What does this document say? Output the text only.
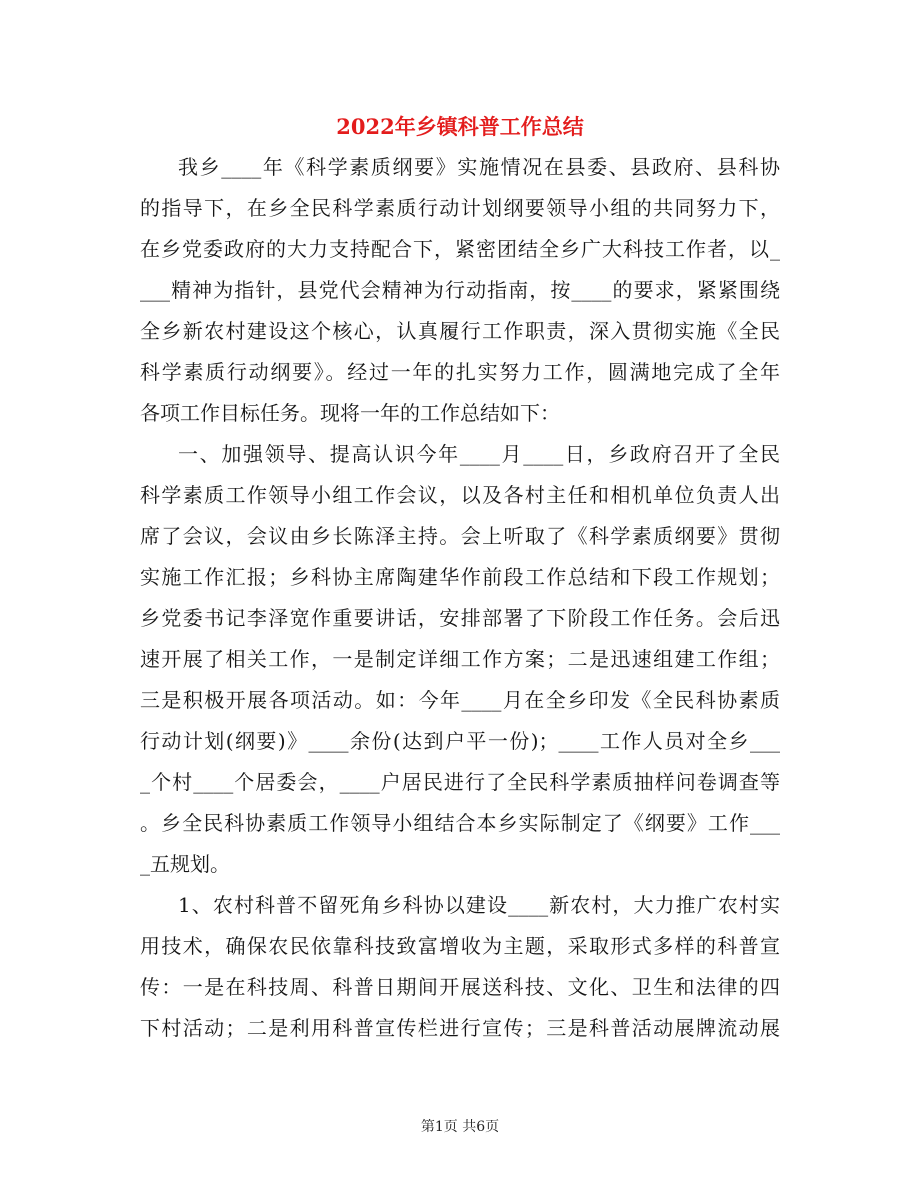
2022年乡镇科普工作总结
我乡____年《科学素质纲要》实施情况在县委、县政府、县科协
的指导下，在乡全民科学素质行动计划纲要领导小组的共同努力下，
在乡党委政府的大力支持配合下，紧密团结全乡广大科技工作者，以_
___精神为指针，县党代会精神为行动指南，按____的要求，紧紧围绕
全乡新农村建设这个核心，认真履行工作职责，深入贯彻实施《全民
科学素质行动纲要》。经过一年的扎实努力工作，圆满地完成了全年
各项工作目标任务。现将一年的工作总结如下：
一、加强领导、提高认识今年____月____日，乡政府召开了全民
科学素质工作领导小组工作会议，以及各村主任和相机单位负责人出
席了会议，会议由乡长陈泽主持。会上听取了《科学素质纲要》贯彻
实施工作汇报；乡科协主席陶建华作前段工作总结和下段工作规划；
乡党委书记李泽宽作重要讲话，安排部署了下阶段工作任务。会后迅
速开展了相关工作，一是制定详细工作方案；二是迅速组建工作组；
三是积极开展各项活动。如：今年____月在全乡印发《全民科协素质
行动计划(纲要)》____余份(达到户平一份)；____工作人员对全乡___
_个村____个居委会，____户居民进行了全民科学素质抽样问卷调查等
。乡全民科协素质工作领导小组结合本乡实际制定了《纲要》工作___
_五规划。
1、农村科普不留死角乡科协以建设____新农村，大力推广农村实
用技术，确保农民依靠科技致富增收为主题，采取形式多样的科普宣
传：一是在科技周、科普日期间开展送科技、文化、卫生和法律的四
下村活动；二是利用科普宣传栏进行宣传；三是科普活动展牌流动展
第1页 共6页
